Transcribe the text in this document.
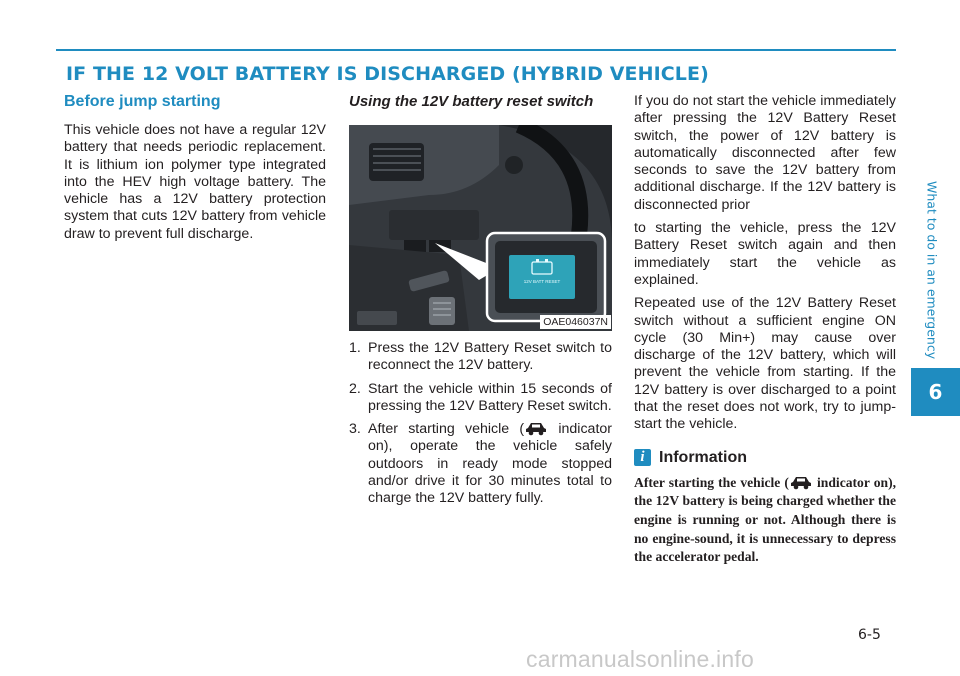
IF THE 12 VOLT BATTERY IS DISCHARGED (HYBRID VEHICLE)
What to do in an emergency
6
Before jump starting

This vehicle does not have a regular 12V battery that needs periodic replacement. It is lithium ion polymer type integrated into the HEV high voltage battery. The vehicle has a 12V battery protection system that cuts 12V battery from vehicle draw to prevent full discharge.

Using the 12V battery reset switch
12V BATT RESET
OAE046037N
1. Press the 12V Battery Reset switch to reconnect the 12V battery.
2. Start the vehicle within 15 seconds of pressing the 12V Battery Reset switch.
3. After starting vehicle ( indicator on), operate the vehicle safely outdoors in ready mode stopped and/or drive it for 30 minutes total to charge the 12V battery fully.

If you do not start the vehicle immediately after pressing the 12V Battery Reset switch, the power of 12V battery is automatically disconnected after few seconds to save the 12V battery from additional discharge. If the 12V battery is disconnected prior

to starting the vehicle, press the 12V Battery Reset switch again and then immediately start the vehicle as explained.

Repeated use of the 12V Battery Reset switch without a sufficient engine ON cycle (30 Min+) may cause over discharge of the 12V battery, which will prevent the vehicle from starting. If the 12V battery is over discharged to a point that the reset does not work, try to jump-start the vehicle.

i Information

After starting the vehicle ( indicator on), the 12V battery is being charged whether the engine is running or not. Although there is no engine-sound, it is unnecessary to depress the accelerator pedal.

6-5
carmanualsonline.info
